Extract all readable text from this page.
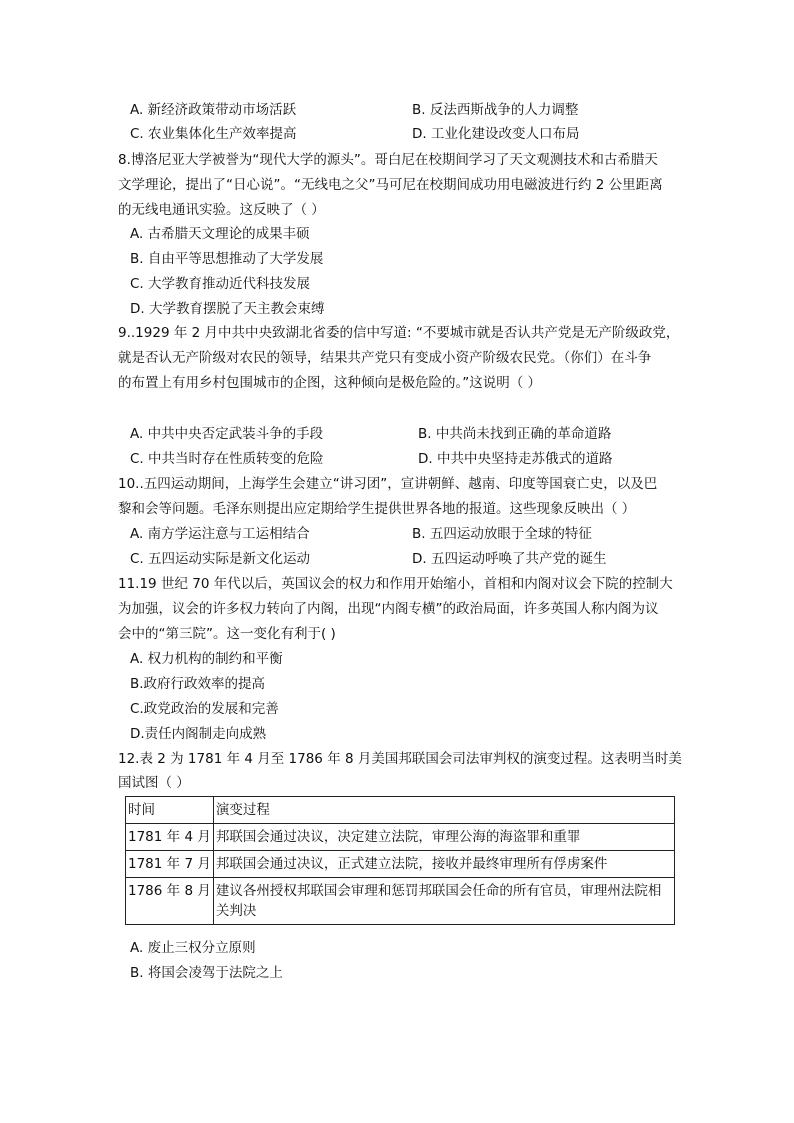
A. 新经济政策带动市场活跃	B. 反法西斯战争的人力调整
C. 农业集体化生产效率提高	D. 工业化建设改变人口布局
8.博洛尼亚大学被誉为“现代大学的源头”。哥白尼在校期间学习了天文观测技术和古希腊天
文学理论，提出了“日心说”。“无线电之父”马可尼在校期间成功用电磁波进行约 2 公里距离
的无线电通讯实验。这反映了（ ）
A. 古希腊天文理论的成果丰硕
B. 自由平等思想推动了大学发展
C. 大学教育推动近代科技发展
D. 大学教育摆脱了天主教会束缚
9..1929 年 2 月中共中央致湖北省委的信中写道: “不要城市就是否认共产党是无产阶级政党，
就是否认无产阶级对农民的领导，结果共产党只有变成小资产阶级农民党。（你们）在斗争
的布置上有用乡村包围城市的企图，这种倾向是极危险的。”这说明（ ）
A. 中共中央否定武装斗争的手段	B. 中共尚未找到正确的革命道路
C. 中共当时存在性质转变的危险	D. 中共中央坚持走苏俄式的道路
10..五四运动期间，上海学生会建立“讲习团”，宣讲朝鲜、越南、印度等国衰亡史，以及巴
黎和会等问题。毛泽东则提出应定期给学生提供世界各地的报道。这些现象反映出（ ）
A. 南方学运注意与工运相结合	B. 五四运动放眼于全球的特征
C. 五四运动实际是新文化运动	D. 五四运动呼唤了共产党的诞生
11.19 世纪 70 年代以后，英国议会的权力和作用开始缩小，首相和内阁对议会下院的控制大
为加强，议会的许多权力转向了内阁，出现“内阁专横”的政治局面，许多英国人称内阁为议
会中的“第三院”。这一变化有利于( )
A. 权力机构的制约和平衡
B.政府行政效率的提高
C.政党政治的发展和完善
D.责任内阁制走向成熟
12.表 2 为 1781 年 4 月至 1786 年 8 月美国邦联国会司法审判权的演变过程。这表明当时美
国试图（ ）
时间	演变过程
1781 年 4 月	邦联国会通过决议，决定建立法院，审理公海的海盗罪和重罪
1781 年 7 月	邦联国会通过决议，正式建立法院，接收并最终审理所有俘虏案件
1786 年 8 月	建议各州授权邦联国会审理和惩罚邦联国会任命的所有官员，审理州法院相关判决
A. 废止三权分立原则
B. 将国会凌驾于法院之上
